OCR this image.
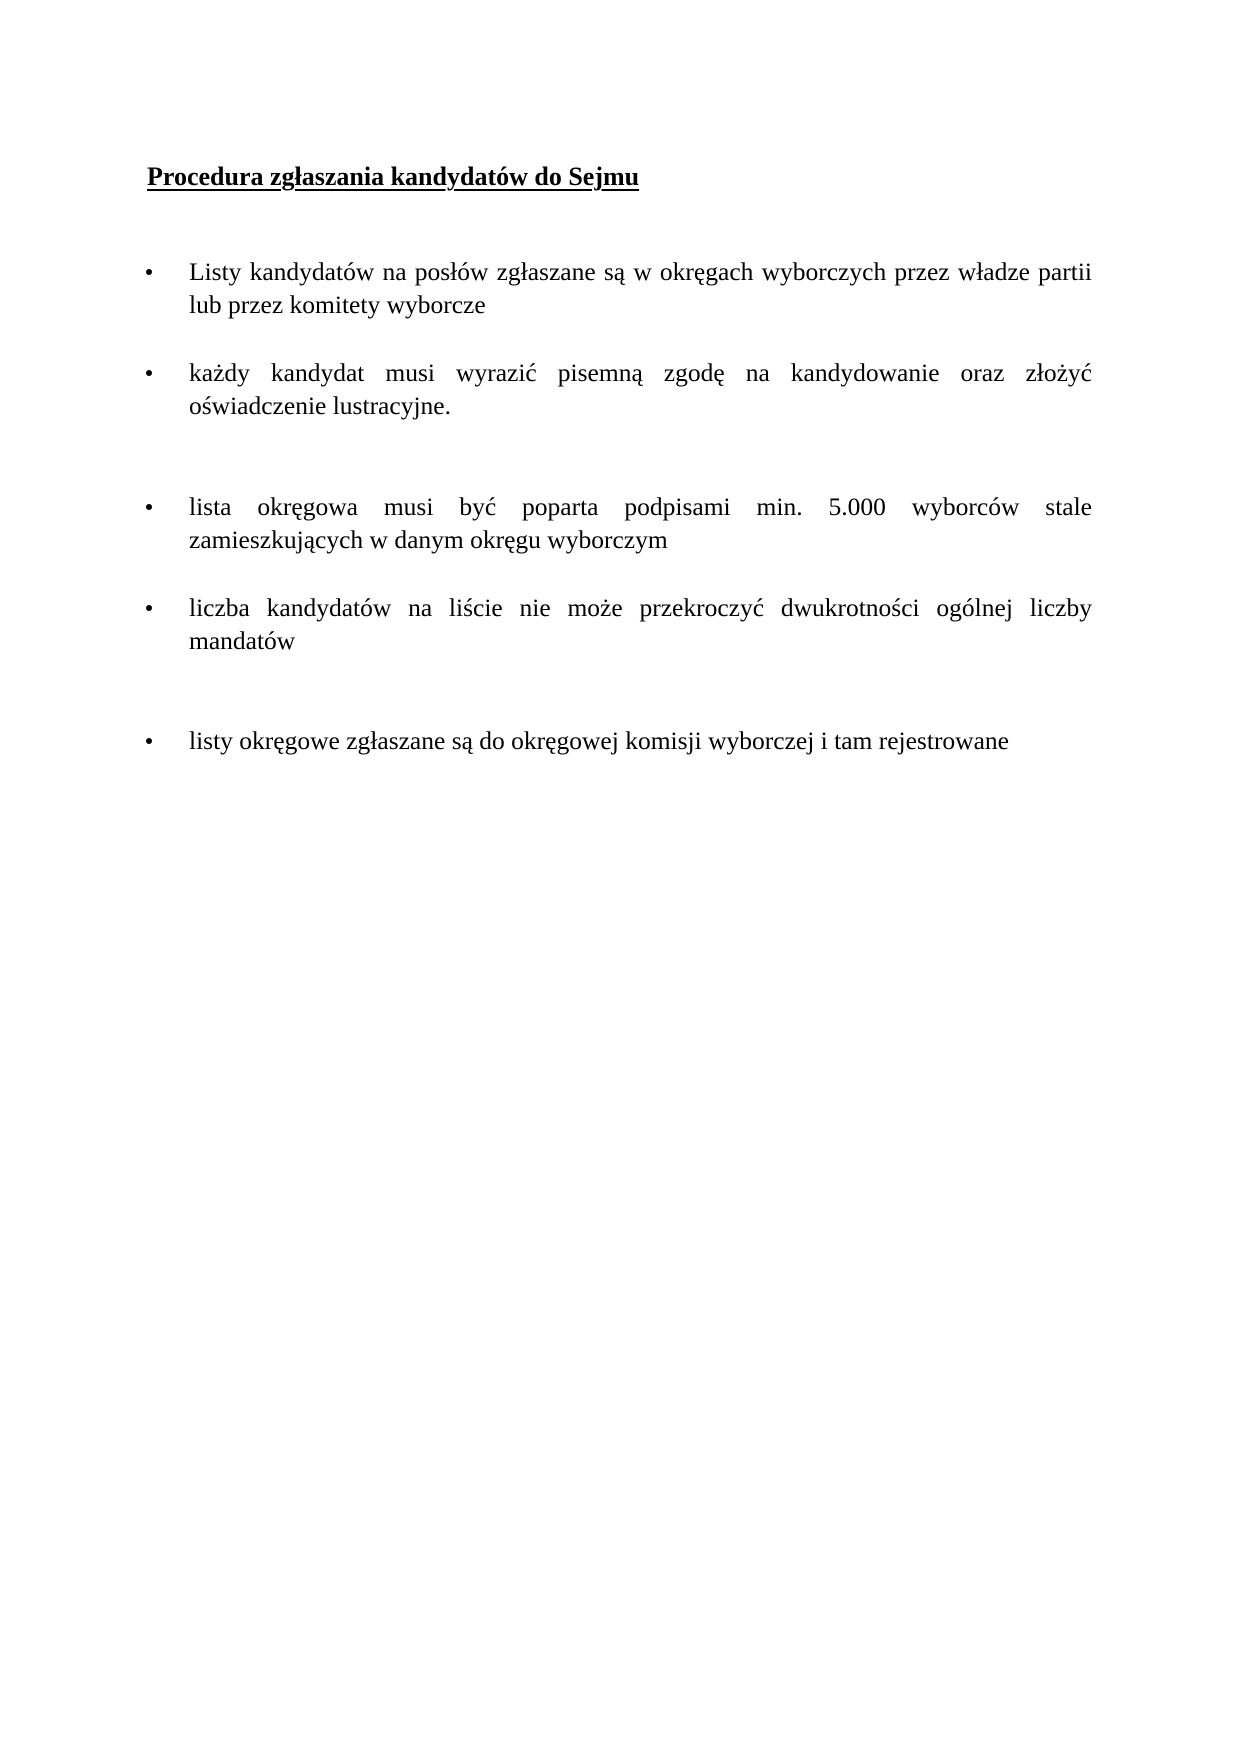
Procedura zgłaszania kandydatów do Sejmu
Listy kandydatów na posłów zgłaszane są w okręgach wyborczych przez władze partii lub przez komitety wyborcze
każdy kandydat musi wyrazić pisemną zgodę na kandydowanie oraz złożyć oświadczenie lustracyjne.
lista okręgowa musi być poparta podpisami min. 5.000 wyborców stale zamieszkujących w danym okręgu wyborczym
liczba kandydatów na liście nie może przekroczyć dwukrotności ogólnej liczby mandatów
listy okręgowe zgłaszane są do okręgowej komisji wyborczej i tam rejestrowane
